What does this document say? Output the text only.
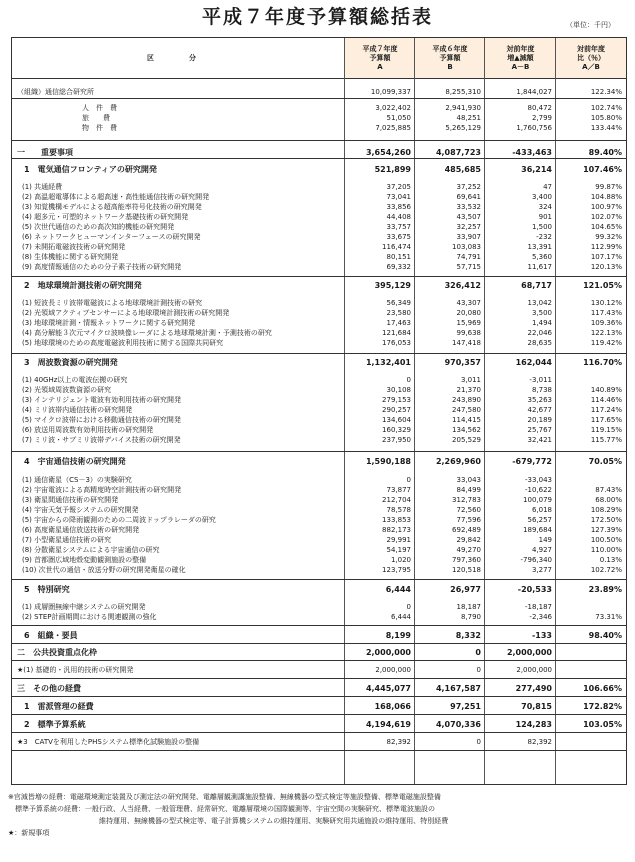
平成７年度予算額総括表	（単位：千円）
区　分
平成７年度
予算額
A
平成６年度
予算額
B
対前年度
増▲減額
A－B
対前年度
比（％）
A／B
（組織）通信総合研究所	10,099,337	8,255,310	1,844,027	122.34%
人　件　費	3,022,402	2,941,930	80,472	102.74%
旅　　費	51,050	48,251	2,799	105.80%
物　件　費	7,025,885	5,265,129	1,760,756	133.44%
一　　重要事項	3,654,260	4,087,723	-433,463	89.40%
1　電気通信フロンティアの研究開発	521,899	485,685	36,214	107.46%
(1) 共通経費	37,205	37,252	47	99.87%
(2) 高温超電導体による超高速・高性能通信技術の研究開発	73,041	69,641	3,400	104.88%
(3) 知覚機構モデルによる超高能率符号化技術の研究開発	33,856	33,532	324	100.97%
(4) 超多元・可塑的ネットワーク基礎技術の研究開発	44,408	43,507	901	102.07%
(5) 次世代通信のための高次知的機能の研究開発	33,757	32,257	1,500	104.65%
(6) ネットワークヒューマンインターフェースの研究開発	33,675	33,907	-232	99.32%
(7) 未開拓電磁波技術の研究開発	116,474	103,083	13,391	112.99%
(8) 生体機能に関する研究開発	80,151	74,791	5,360	107.17%
(9) 高度情報通信のための分子素子技術の研究開発	69,332	57,715	11,617	120.13%
2　地球環境計測技術の研究開発	395,129	326,412	68,717	121.05%
(1) 短波長ミリ波帯電磁波による地球環境計測技術の研究	56,349	43,307	13,042	130.12%
(2) 光領域アクティブセンサーによる地球環境計測技術の研究開発	23,580	20,080	3,500	117.43%
(3) 地球環境計測・情報ネットワークに関する研究開発	17,463	15,969	1,494	109.36%
(4) 高分解能３次元マイクロ波映像レーダによる地球環境計測・予測技術の研究	121,684	99,638	22,046	122.13%
(5) 地球環境のための高度電磁波利用技術に関する国際共同研究	176,053	147,418	28,635	119.42%
3　周波数資源の研究開発	1,132,401	970,357	162,044	116.70%
(1) 40GHz以上の電波伝搬の研究	0	3,011	-3,011
(2) 光領域周波数資源の研究	30,108	21,370	8,738	140.89%
(3) インテリジェント電波有効利用技術の研究開発	279,153	243,890	35,263	114.46%
(4) ミリ波帯内通信技術の研究開発	290,257	247,580	42,677	117.24%
(5) マイクロ波帯における移動通信技術の研究開発	134,604	114,415	20,189	117.65%
(6) 放送用周波数有効利用技術の研究開発	160,329	134,562	25,767	119.15%
(7) ミリ波・サブミリ波帯デバイス技術の研究開発	237,950	205,529	32,421	115.77%
4　宇宙通信技術の研究開発	1,590,188	2,269,960	-679,772	70.05%
(1) 通信衛星（CS－3）の実験研究	0	33,043	-33,043
(2) 宇宙電波による高精度時空計測技術の研究開発	73,877	84,499	-10,622	87.43%
(3) 衛星間通信技術の研究開発	212,704	312,783	100,079	68.00%
(4) 宇宙天気予報システムの研究開発	78,578	72,560	6,018	108.29%
(5) 宇宙からの降雨観測のための二周波ドップラレーダの研究	133,853	77,596	56,257	172.50%
(6) 高度衛星通信放送技術の研究開発	882,173	692,489	189,684	127.39%
(7) 小型衛星通信技術の研究	29,991	29,842	149	100.50%
(8) 分散衛星システムによる宇宙通信の研究	54,197	49,270	4,927	110.00%
(9) 首都圏広域地殻変動観測施設の整備	1,020	797,360	-796,340	0.13%
(10) 次世代の通信・放送分野の研究開発衛星の確化	123,795	120,518	3,277	102.72%
5　特別研究	6,444	26,977	-20,533	23.89%
(1) 成層圏無線中継システムの研究開発	0	18,187	-18,187
(2) STEP計画期間における関連観測の強化	6,444	8,790	-2,346	73.31%
6　組織・要員	8,199	8,332	-133	98.40%
二　公共投資重点化枠	2,000,000	0	2,000,000
★(1) 基礎的・汎用的技術の研究開発	2,000,000	0	2,000,000
三　その他の経費	4,445,077	4,167,587	277,490	106.66%
1　雷派管理の経費	168,066	97,251	70,815	172.82%
2　標準予算系統	4,194,619	4,070,336	124,283	103.05%
★3　CATVを利用したPHSシステム標準化試験施設の整備	82,392	0	82,392
※官減皆増の経費：電磁環境測定装置及び測定法の研究開発、電離層観測講施設整備、無線機器の型式検定等施設整備、標準電磁施設整備
　標準予算系統の経費：一般行政、人当経費、一般管理費、経常研究、電離層環境の国際観測等、宇宙空間の実験研究、標準電波施設の
　　　　　　　　　　　　　維持運用、無線機器の型式検定等、電子計算機システムの維持運用、実験研究用共通施設の維持運用、特別経費
★：新規事項
